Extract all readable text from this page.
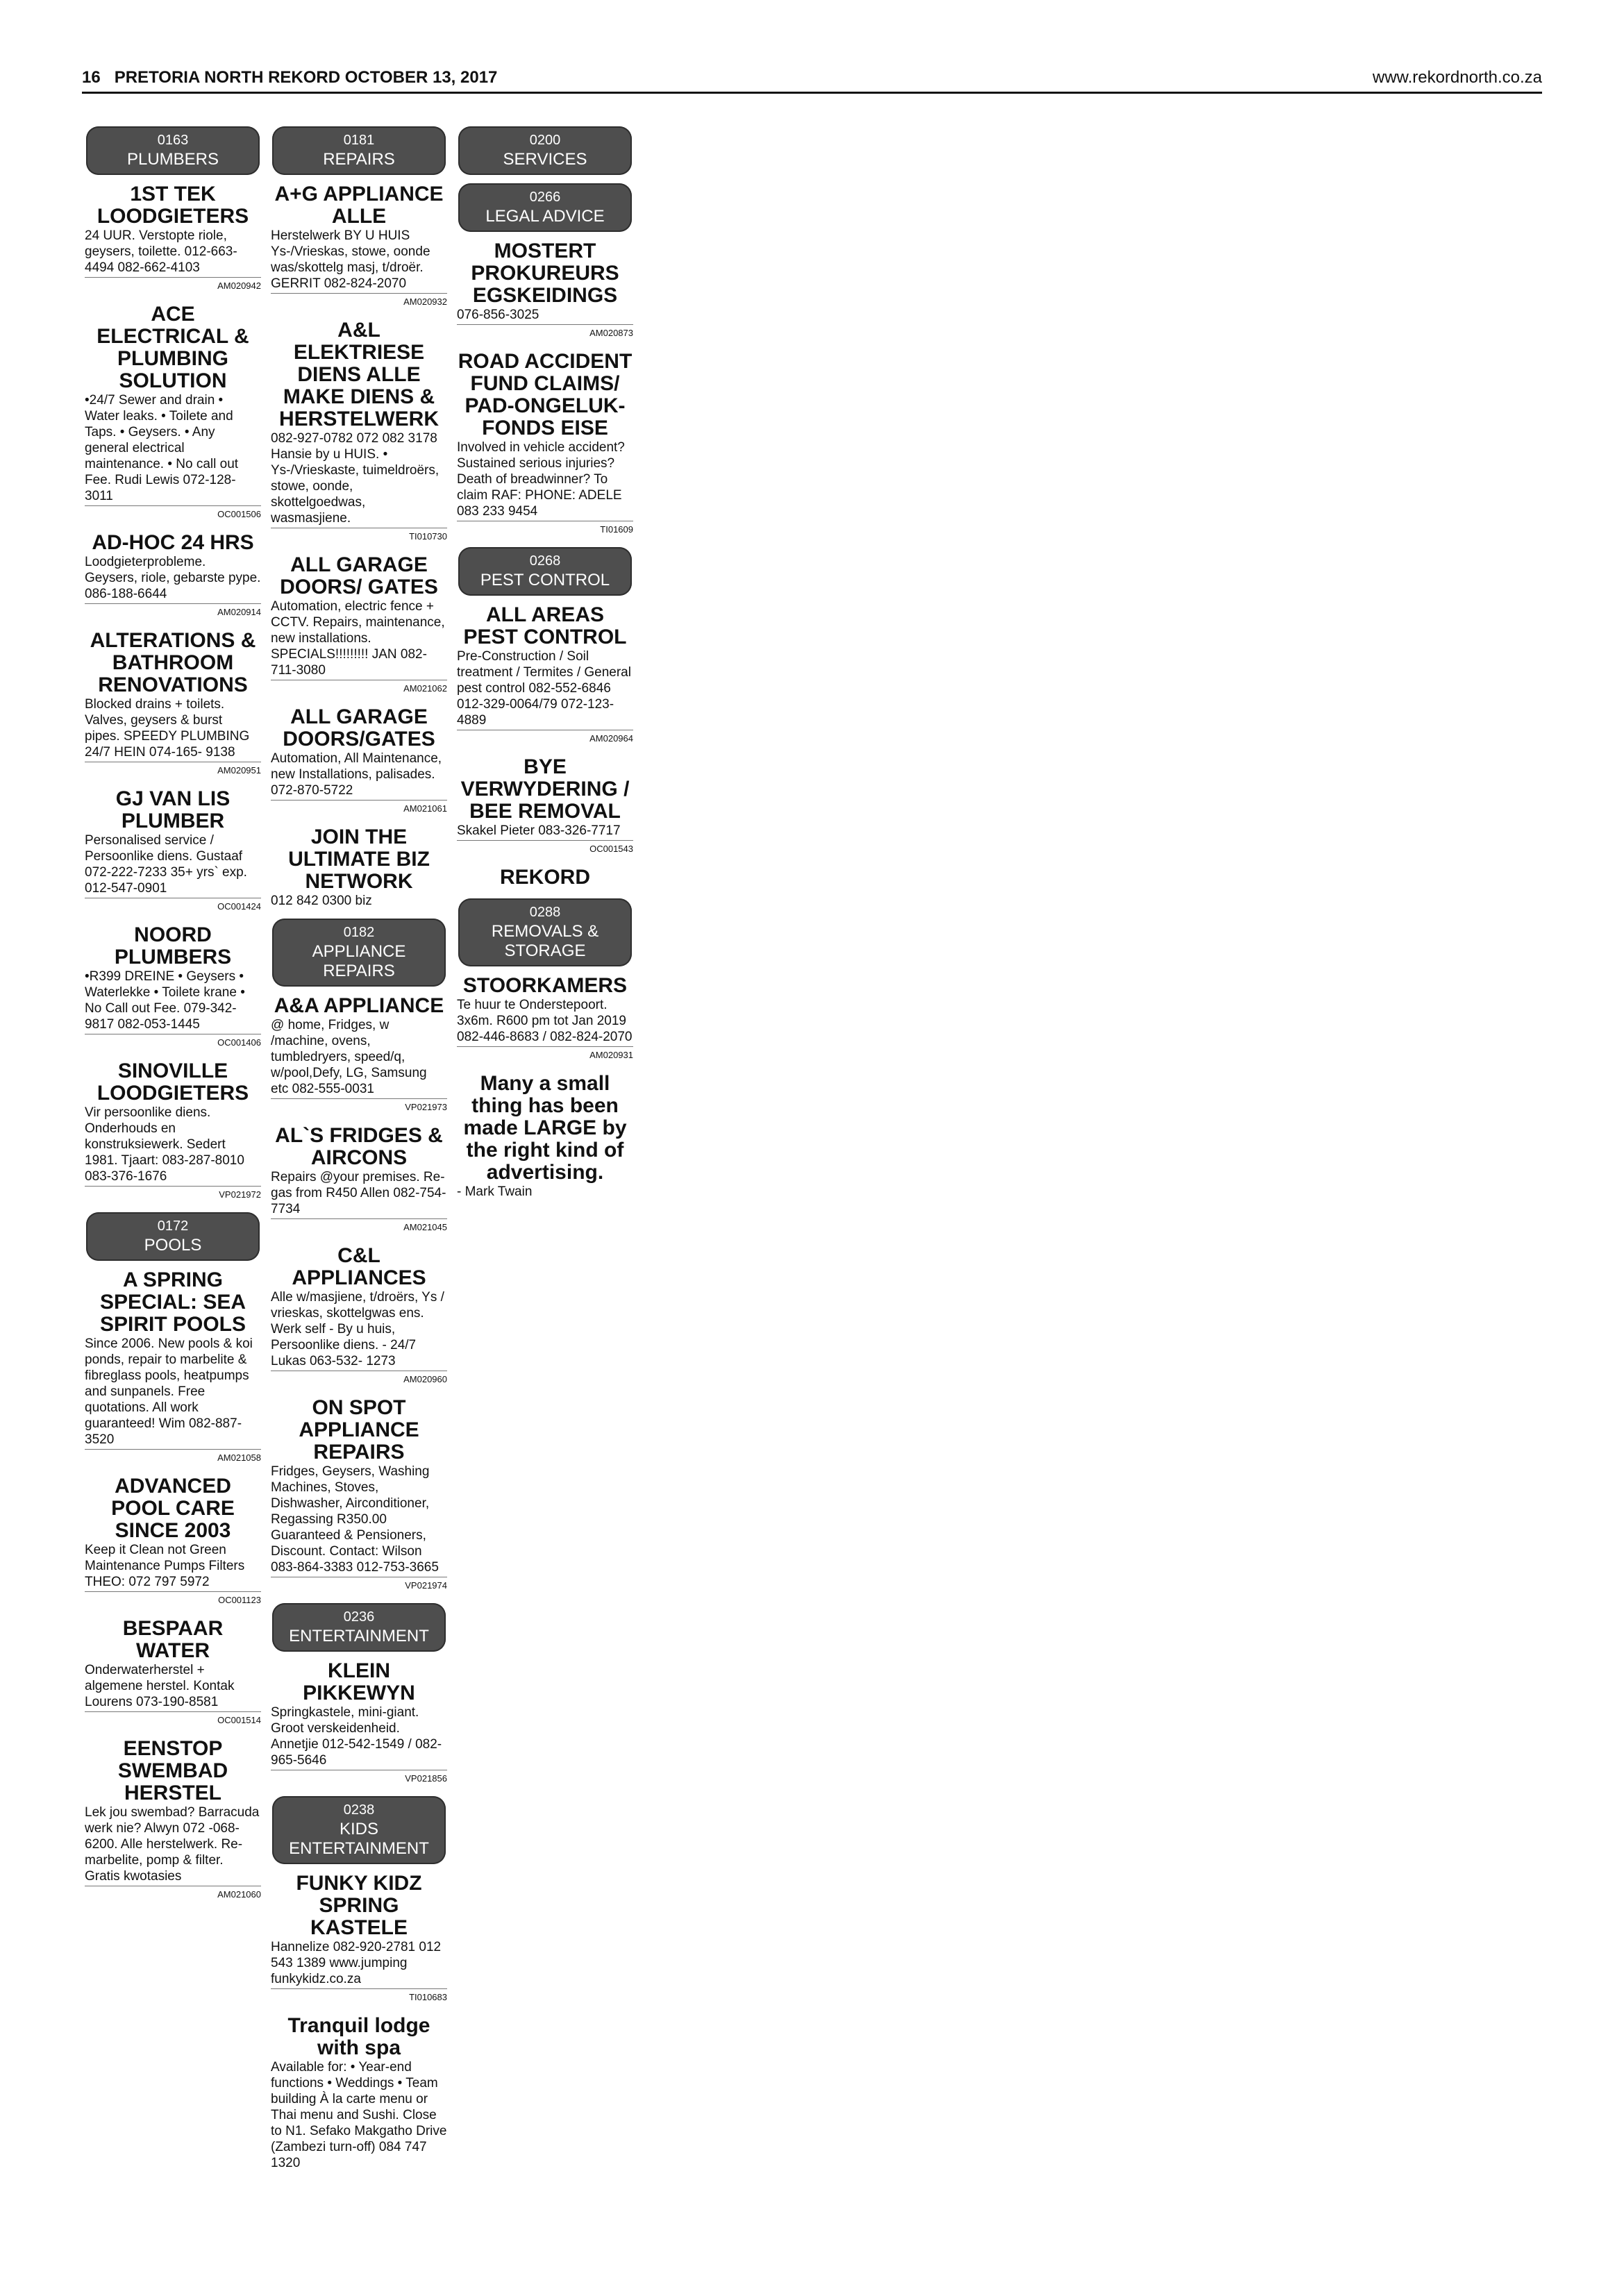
16 PRETORIA NORTH REKORD OCTOBER 13, 2017	www.rekordnorth.co.za
0163
PLUMBERS
1ST TEK LOODGIETERS
24 UUR. Verstopte riole, geysers, toilette. 012-663-4494 082-662-4103
AM020942
ACE ELECTRICAL & PLUMBING SOLUTION
•24/7 Sewer and drain • Water leaks. • Toilete and Taps. • Geysers. • Any general electrical maintenance. • No call out Fee. Rudi Lewis 072-128-3011
OC001506
AD-HOC 24 HRS
Loodgieterprobleme. Geysers, riole, gebarste pype. 086-188-6644
AM020914
ALTERATIONS & BATHROOM RENOVATIONS
Blocked drains + toilets. Valves, geysers & burst pipes. SPEEDY PLUMBING 24/7 HEIN 074-165- 9138
AM020951
GJ VAN LIS PLUMBER
Personalised service / Persoonlike diens. Gustaaf 072-222-7233 35+ yrs` exp. 012-547-0901
OC001424
NOORD PLUMBERS
•R399 DREINE • Geysers • Waterlekke • Toilete krane • No Call out Fee. 079-342-9817 082-053-1445
OC001406
SINOVILLE LOODGIETERS
Vir persoonlike diens. Onderhouds en konstruksiewerk. Sedert 1981. Tjaart: 083-287-8010 083-376-1676
VP021972
0172
POOLS
A SPRING SPECIAL: SEA SPIRIT POOLS
Since 2006. New pools & koi ponds, repair to marbelite & fibreglass pools, heatpumps and sunpanels. Free quotations. All work guaranteed! Wim 082-887-3520
AM021058
ADVANCED POOL CARE SINCE 2003
Keep it Clean not Green Maintenance Pumps Filters THEO: 072 797 5972
OC001123
BESPAAR WATER
Onderwaterherstel + algemene herstel. Kontak Lourens 073-190-8581
OC001514
EENSTOP SWEMBAD HERSTEL
Lek jou swembad? Barracuda werk nie? Alwyn 072 -068-6200. Alle herstelwerk. Re-marbelite, pomp & filter. Gratis kwotasies
AM021060
0181
REPAIRS
A+G APPLIANCE ALLE
Herstelwerk BY U HUIS Ys-/Vrieskas, stowe, oonde was/skottelg masj, t/droër. GERRIT 082-824-2070
AM020932
A&L ELEKTRIESE DIENS ALLE MAKE DIENS & HERSTELWERK
082-927-0782 072 082 3178 Hansie by u HUIS. • Ys-/Vrieskaste, tuimeldroërs, stowe, oonde, skottelgoedwas, wasmasjiene.
TI010730
ALL GARAGE DOORS/ GATES
Automation, electric fence + CCTV. Repairs, maintenance, new installations. SPECIALS!!!!!!!!! JAN 082-711-3080
AM021062
ALL GARAGE DOORS/GATES
Automation, All Maintenance, new Installations, palisades. 072-870-5722
AM021061
JOIN THE ULTIMATE BIZ NETWORK
012 842 0300 biz
0182
APPLIANCE REPAIRS
A&A APPLIANCE
@ home, Fridges, w /machine, ovens, tumbledryers, speed/q, w/pool,Defy, LG, Samsung etc 082-555-0031
VP021973
AL`S FRIDGES & AIRCONS
Repairs @your premises. Re-gas from R450 Allen 082-754-7734
AM021045
C&L APPLIANCES
Alle w/masjiene, t/droërs, Ys / vrieskas, skottelgwas ens. Werk self - By u huis, Persoonlike diens. - 24/7 Lukas 063-532- 1273
AM020960
ON SPOT APPLIANCE REPAIRS
Fridges, Geysers, Washing Machines, Stoves, Dishwasher, Airconditioner, Regassing R350.00 Guaranteed & Pensioners, Discount. Contact: Wilson 083-864-3383 012-753-3665
VP021974
0236
ENTERTAINMENT
KLEIN PIKKEWYN
Springkastele, mini-giant. Groot verskeidenheid. Annetjie 012-542-1549 / 082-965-5646
VP021856
0238
KIDS ENTERTAINMENT
FUNKY KIDZ SPRING KASTELE
Hannelize 082-920-2781 012 543 1389 www.jumping funkykidz.co.za
TI010683
Tranquil lodge with spa
Available for: • Year-end functions • Weddings • Team building À la carte menu or Thai menu and Sushi. Close to N1. Sefako Makgatho Drive (Zambezi turn-off) 084 747 1320
0200
SERVICES
0266
LEGAL ADVICE
MOSTERT PROKUREURS EGSKEIDINGS
076-856-3025
AM020873
ROAD ACCIDENT FUND CLAIMS/ PAD-ONGELUK-FONDS EISE
Involved in vehicle accident? Sustained serious injuries? Death of breadwinner? To claim RAF: PHONE: ADELE 083 233 9454
TI01609
0268
PEST CONTROL
ALL AREAS PEST CONTROL
Pre-Construction / Soil treatment / Termites / General pest control 082-552-6846 012-329-0064/79 072-123-4889
AM020964
BYE VERWYDERING / BEE REMOVAL
Skakel Pieter 083-326-7717
OC001543
REKORD
0288
REMOVALS & STORAGE
STOORKAMERS
Te huur te Onderstepoort. 3x6m. R600 pm tot Jan 2019 082-446-8683 / 082-824-2070
AM020931
Many a small thing has been made LARGE by the right kind of advertising.
- Mark Twain
